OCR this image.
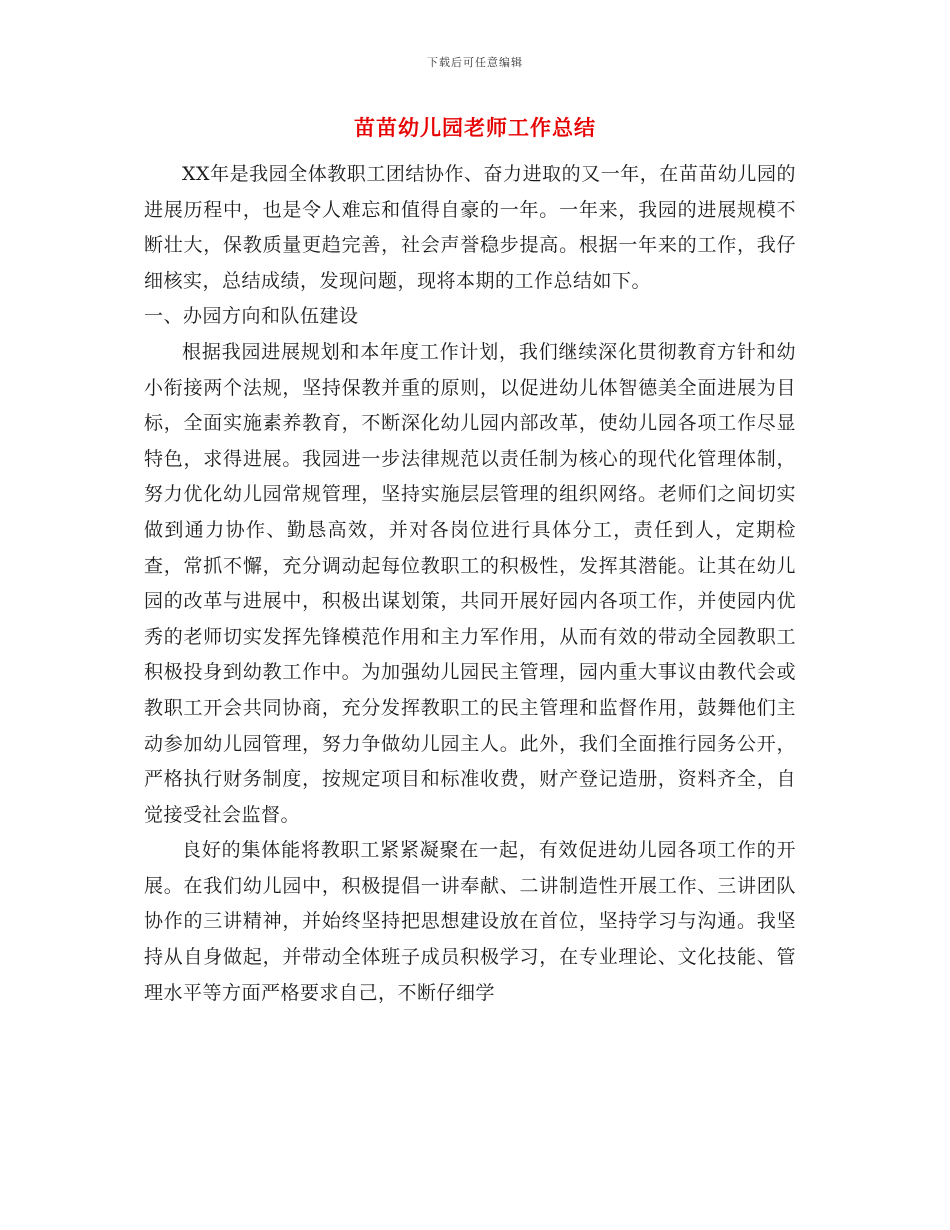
下载后可任意编辑
苗苗幼儿园老师工作总结

XX年是我园全体教职工团结协作、奋力进取的又一年，在苗苗幼儿园的进展历程中，也是令人难忘和值得自豪的一年。一年来，我园的进展规模不断壮大，保教质量更趋完善，社会声誉稳步提高。根据一年来的工作，我仔细核实，总结成绩，发现问题，现将本期的工作总结如下。

一、办园方向和队伍建设

根据我园进展规划和本年度工作计划，我们继续深化贯彻教育方针和幼小衔接两个法规，坚持保教并重的原则，以促进幼儿体智德美全面进展为目标，全面实施素养教育，不断深化幼儿园内部改革，使幼儿园各项工作尽显特色，求得进展。我园进一步法律规范以责任制为核心的现代化管理体制，努力优化幼儿园常规管理，坚持实施层层管理的组织网络。老师们之间切实做到通力协作、勤恳高效，并对各岗位进行具体分工，责任到人，定期检查，常抓不懈，充分调动起每位教职工的积极性，发挥其潜能。让其在幼儿园的改革与进展中，积极出谋划策，共同开展好园内各项工作，并使园内优秀的老师切实发挥先锋模范作用和主力军作用，从而有效的带动全园教职工积极投身到幼教工作中。为加强幼儿园民主管理，园内重大事议由教代会或教职工开会共同协商，充分发挥教职工的民主管理和监督作用，鼓舞他们主动参加幼儿园管理，努力争做幼儿园主人。此外，我们全面推行园务公开，严格执行财务制度，按规定项目和标准收费，财产登记造册，资料齐全，自觉接受社会监督。

良好的集体能将教职工紧紧凝聚在一起，有效促进幼儿园各项工作的开展。在我们幼儿园中，积极提倡一讲奉献、二讲制造性开展工作、三讲团队协作的三讲精神，并始终坚持把思想建设放在首位，坚持学习与沟通。我坚持从自身做起，并带动全体班子成员积极学习，在专业理论、文化技能、管理水平等方面严格要求自己，不断仔细学
